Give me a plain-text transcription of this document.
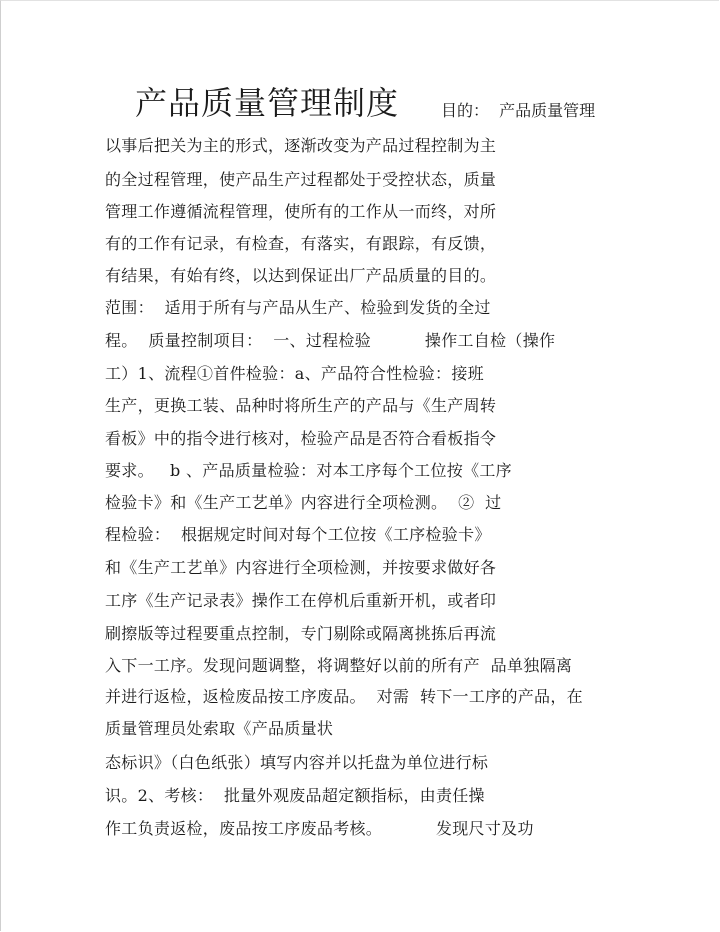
产品质量管理制度	目的：  产品质量管理
以事后把关为主的形式，逐渐改变为产品过程控制为主
的全过程管理，使产品生产过程都处于受控状态，质量
管理工作遵循流程管理，使所有的工作从一而终，对所
有的工作有记录，有检查，有落实，有跟踪，有反馈，
有结果，有始有终，以达到保证出厂产品质量的目的。
范围：  适用于所有与产品从生产、检验到发货的全过
程。  质量控制项目：  一、过程检验          操作工自检（操作
工）1、流程①首件检验：a、产品符合性检验：接班
生产，更换工装、品种时将所生产的产品与《生产周转
看板》中的指令进行核对，检验产品是否符合看板指令
要求。   b 、产品质量检验：对本工序每个工位按《工序
检验卡》和《生产工艺单》内容进行全项检测。  ②  过
程检验：  根据规定时间对每个工位按《工序检验卡》
和《生产工艺单》内容进行全项检测，并按要求做好各
工序《生产记录表》操作工在停机后重新开机，或者印
刷擦版等过程要重点控制，专门剔除或隔离挑拣后再流
入下一工序。发现问题调整，将调整好以前的所有产  品单独隔离
并进行返检，返检废品按工序废品。  对需  转下一工序的产品，在
质量管理员处索取《产品质量状
态标识》（白色纸张）填写内容并以托盘为单位进行标
识。2、考核：  批量外观废品超定额指标，由责任操
作工负责返检，废品按工序废品考核。          发现尺寸及功
